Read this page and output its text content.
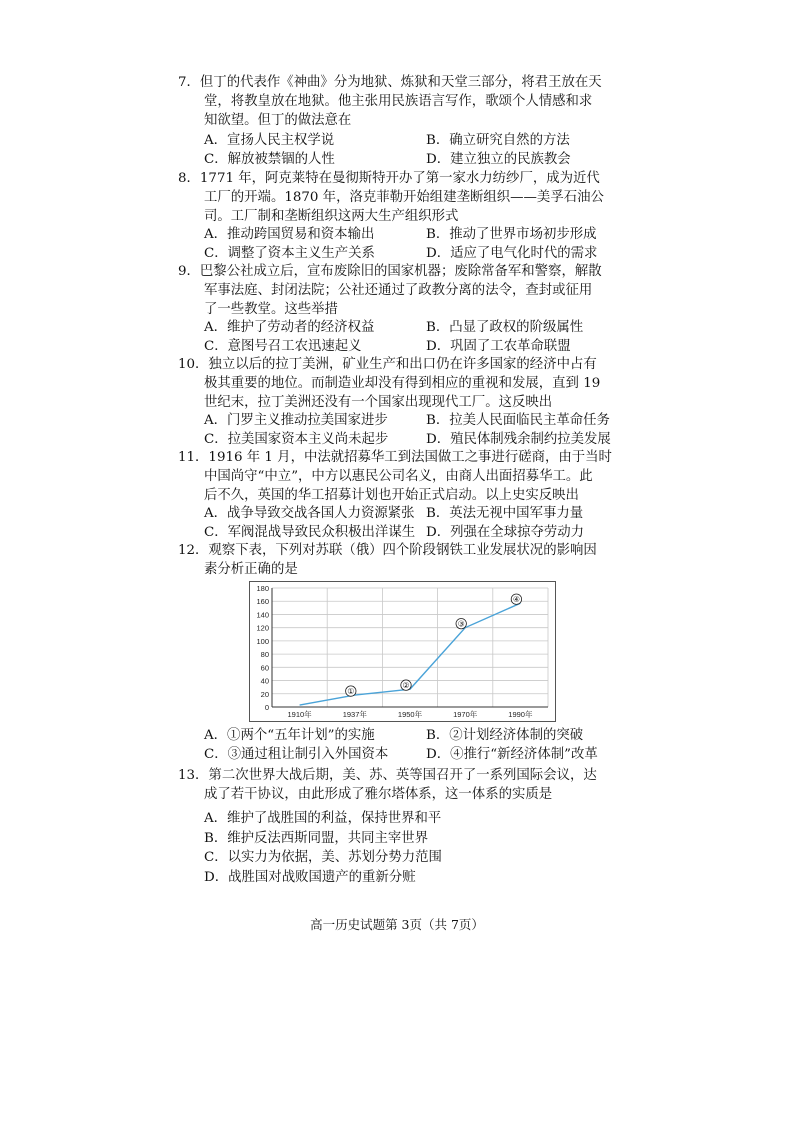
7．但丁的代表作《神曲》分为地狱、炼狱和天堂三部分，将君王放在天
堂，将教皇放在地狱。他主张用民族语言写作，歌颂个人情感和求
知欲望。但丁的做法意在
A．宣扬人民主权学说	B．确立研究自然的方法
C．解放被禁锢的人性	D．建立独立的民族教会
8．1771 年，阿克莱特在曼彻斯特开办了第一家水力纺纱厂，成为近代
工厂的开端。1870 年，洛克菲勒开始组建垄断组织——美孚石油公
司。工厂制和垄断组织这两大生产组织形式
A．推动跨国贸易和资本输出	B．推动了世界市场初步形成
C．调整了资本主义生产关系	D．适应了电气化时代的需求
9．巴黎公社成立后，宣布废除旧的国家机器；废除常备军和警察，解散
军事法庭、封闭法院；公社还通过了政教分离的法令，查封或征用
了一些教堂。这些举措
A．维护了劳动者的经济权益	B．凸显了政权的阶级属性
C．意图号召工农迅速起义	D．巩固了工农革命联盟
10．独立以后的拉丁美洲，矿业生产和出口仍在许多国家的经济中占有
极其重要的地位。而制造业却没有得到相应的重视和发展，直到 19
世纪末，拉丁美洲还没有一个国家出现现代工厂。这反映出
A．门罗主义推动拉美国家进步	B．拉美人民面临民主革命任务
C．拉美国家资本主义尚未起步	D．殖民体制残余制约拉美发展
11．1916 年 1 月，中法就招募华工到法国做工之事进行磋商，由于当时
中国尚守“中立”，中方以惠民公司名义，由商人出面招募华工。此
后不久，英国的华工招募计划也开始正式启动。以上史实反映出
A．战争导致交战各国人力资源紧张 B．英法无视中国军事力量
C．军阀混战导致民众积极出洋谋生 D．列强在全球掠夺劳动力
12．观察下表，下列对苏联（俄）四个阶段钢铁工业发展状况的影响因
素分析正确的是
0
20
40
60
80
100
120
140
160
180
1910年	1937年	1950年	1970年	1990年
①
②
③
④
A．①两个“五年计划”的实施	B．②计划经济体制的突破
C．③通过租让制引入外国资本	D．④推行“新经济体制”改革
13．第二次世界大战后期，美、苏、英等国召开了一系列国际会议，达
成了若干协议，由此形成了雅尔塔体系，这一体系的实质是
A．维护了战胜国的利益，保持世界和平
B．维护反法西斯同盟，共同主宰世界
C．以实力为依据，美、苏划分势力范围
D．战胜国对战败国遗产的重新分赃
高一历史试题第 3页（共 7页）
